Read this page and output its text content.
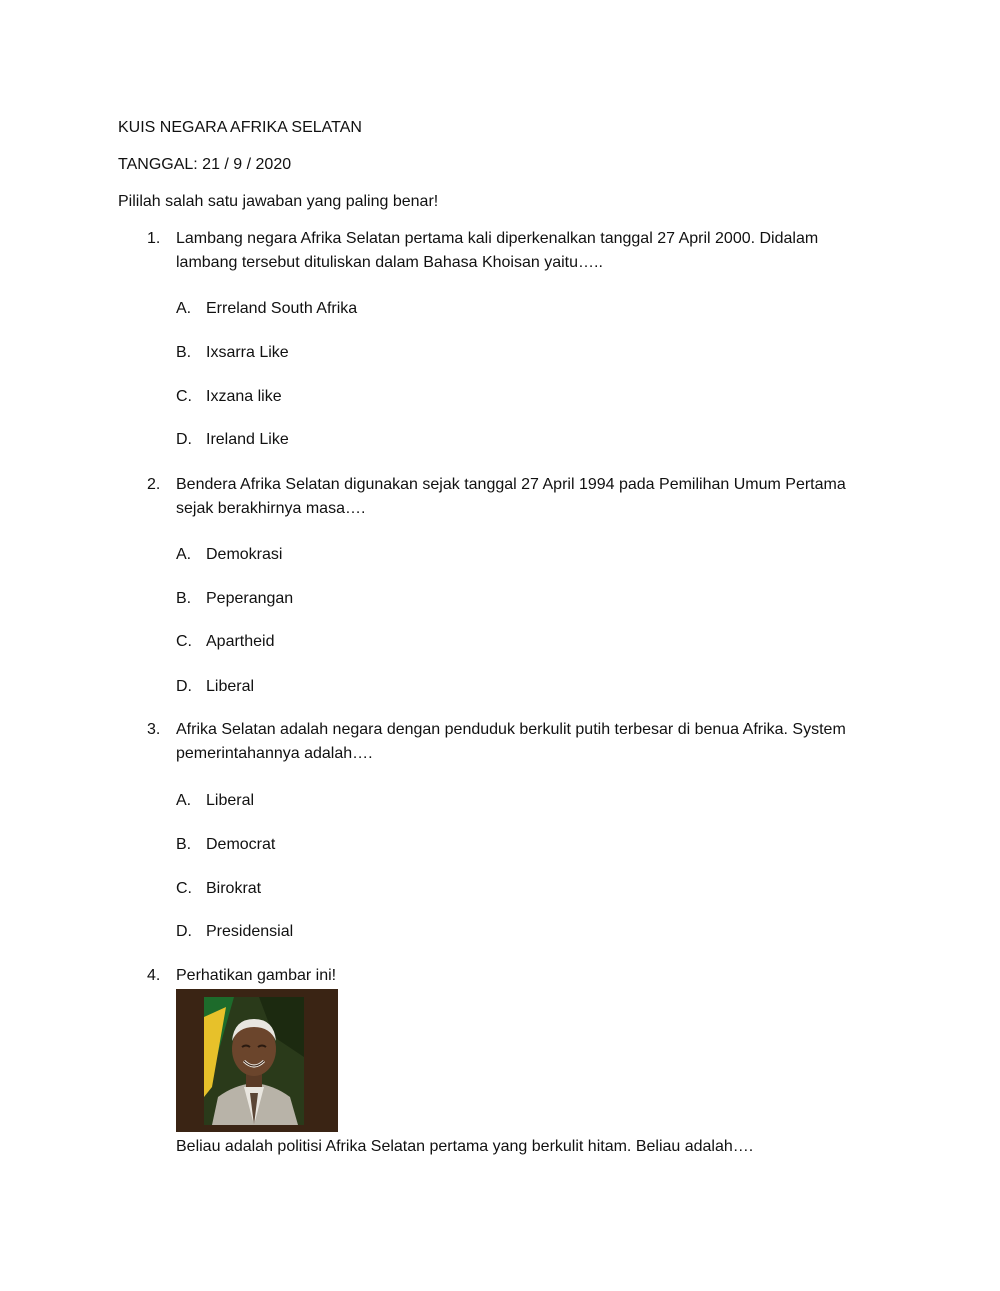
KUIS NEGARA AFRIKA SELATAN
TANGGAL: 21 / 9 / 2020
Pililah salah satu jawaban yang paling benar!
1. Lambang negara Afrika Selatan pertama kali diperkenalkan tanggal 27 April 2000. Didalam lambang tersebut dituliskan dalam Bahasa Khoisan yaitu…..
A. Erreland South Afrika
B. Ixsarra Like
C. Ixzana like
D. Ireland Like
2. Bendera Afrika Selatan digunakan sejak tanggal 27 April 1994 pada Pemilihan Umum Pertama sejak berakhirnya masa….
A. Demokrasi
B. Peperangan
C. Apartheid
D. Liberal
3. Afrika Selatan adalah negara dengan penduduk berkulit putih terbesar di benua Afrika. System pemerintahannya adalah….
A. Liberal
B. Democrat
C. Birokrat
D. Presidensial
4. Perhatikan gambar ini!
Beliau adalah politisi Afrika Selatan pertama yang berkulit hitam. Beliau adalah….
